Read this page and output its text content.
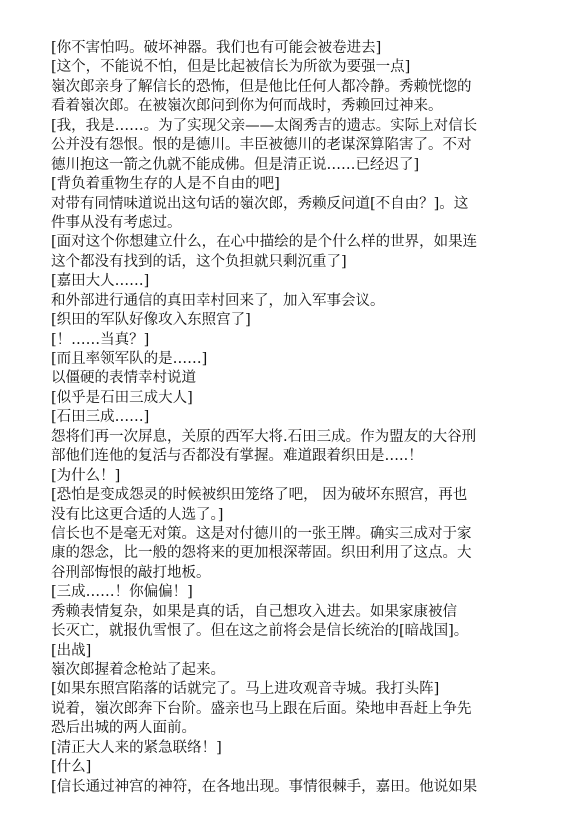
[你不害怕吗。破坏神器。我们也有可能会被卷进去]
[这个，不能说不怕，但是比起被信长为所欲为要强一点]
嶺次郎亲身了解信长的恐怖，但是他比任何人都冷静。秀赖恍惚的
看着嶺次郎。在被嶺次郎问到你为何而战时，秀赖回过神来。
[我，我是……。为了实现父亲——太阁秀吉的遗志。实际上对信长
公并没有怨恨。恨的是德川。丰臣被德川的老谋深算陷害了。不对
德川抱这一箭之仇就不能成佛。但是清正说……已经迟了]
[背负着重物生存的人是不自由的吧]
对带有同情味道说出这句话的嶺次郎，秀赖反问道[不自由？]。这
件事从没有考虑过。
[面对这个你想建立什么，在心中描绘的是个什么样的世界，如果连
这个都没有找到的话，这个负担就只剩沉重了]
[嘉田大人……]
和外部进行通信的真田幸村回来了，加入军事会议。
[织田的军队好像攻入东照宫了]
[！……当真？]
[而且率领军队的是……]
以僵硬的表情幸村说道
[似乎是石田三成大人]
[石田三成……]
怨将们再一次屏息，关原的西军大将.石田三成。作为盟友的大谷刑
部他们连他的复活与否都没有掌握。难道跟着织田是…..！
[为什么！]
[恐怕是变成怨灵的时候被织田笼络了吧， 因为破坏东照宫，再也
没有比这更合适的人选了。]
信长也不是毫无对策。这是对付德川的一张王牌。确实三成对于家
康的怨念，比一般的怨将来的更加根深蒂固。织田利用了这点。大
谷刑部悔恨的敲打地板。
[三成……！你偏偏！]
秀赖表情复杂，如果是真的话，自己想攻入进去。如果家康被信
长灭亡，就报仇雪恨了。但在这之前将会是信长统治的[暗战国]。
[出战]
嶺次郎握着念枪站了起来。
[如果东照宫陷落的话就完了。马上进攻观音寺城。我打头阵]
说着，嶺次郎奔下台阶。盛亲也马上跟在后面。染地申吾赶上争先
恐后出城的两人面前。
[清正大人来的紧急联络！]
[什么]
[信长通过神宫的神符，在各地出现。事情很棘手，嘉田。他说如果
